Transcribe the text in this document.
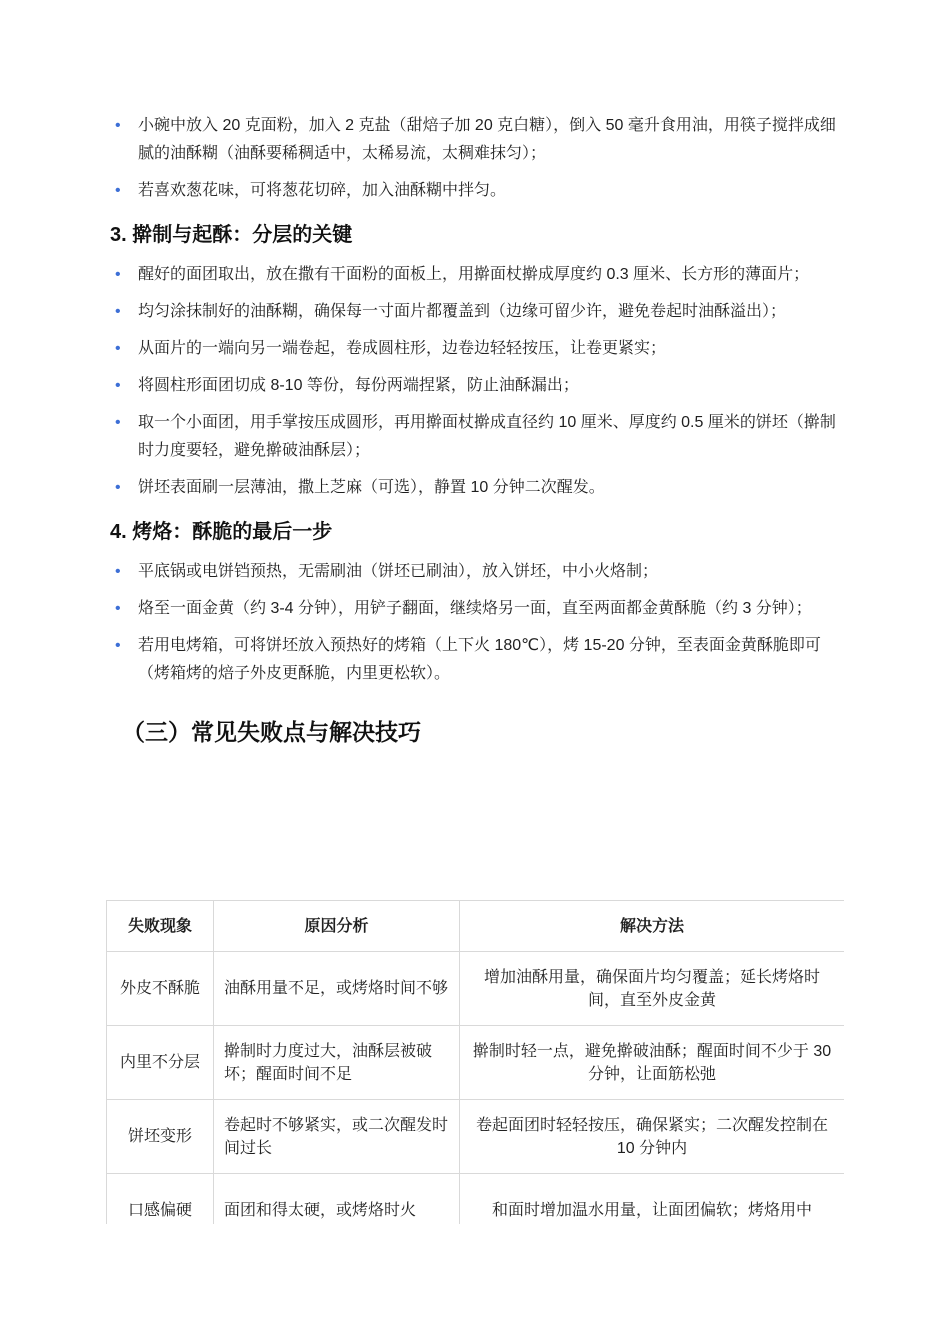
• 小碗中放入 20 克面粉，加入 2 克盐（甜焙子加 20 克白糖），倒入 50 毫升食用油，用筷子搅拌成细腻的油酥糊（油酥要稀稠适中，太稀易流，太稠难抹匀）；
• 若喜欢葱花味，可将葱花切碎，加入油酥糊中拌匀。
3. 擀制与起酥：分层的关键
• 醒好的面团取出，放在撒有干面粉的面板上，用擀面杖擀成厚度约 0.3 厘米、长方形的薄面片；
• 均匀涂抹制好的油酥糊，确保每一寸面片都覆盖到（边缘可留少许，避免卷起时油酥溢出）；
• 从面片的一端向另一端卷起，卷成圆柱形，边卷边轻轻按压，让卷更紧实；
• 将圆柱形面团切成 8-10 等份，每份两端捏紧，防止油酥漏出；
• 取一个小面团，用手掌按压成圆形，再用擀面杖擀成直径约 10 厘米、厚度约 0.5 厘米的饼坯（擀制时力度要轻，避免擀破油酥层）；
• 饼坯表面刷一层薄油，撒上芝麻（可选），静置 10 分钟二次醒发。
4. 烤烙：酥脆的最后一步
• 平底锅或电饼铛预热，无需刷油（饼坯已刷油），放入饼坯，中小火烙制；
• 烙至一面金黄（约 3-4 分钟），用铲子翻面，继续烙另一面，直至两面都金黄酥脆（约 3 分钟）；
• 若用电烤箱，可将饼坯放入预热好的烤箱（上下火 180℃），烤 15-20 分钟，至表面金黄酥脆即可（烤箱烤的焙子外皮更酥脆，内里更松软）。
（三）常见失败点与解决技巧
失败现象	原因分析	解决方法
外皮不酥脆	油酥用量不足，或烤烙时间不够	增加油酥用量，确保面片均匀覆盖；延长烤烙时间，直至外皮金黄
内里不分层	擀制时力度过大，油酥层被破坏；醒面时间不足	擀制时轻一点，避免擀破油酥；醒面时间不少于 30 分钟，让面筋松弛
饼坯变形	卷起时不够紧实，或二次醒发时间过长	卷起面团时轻轻按压，确保紧实；二次醒发控制在 10 分钟内
口感偏硬	面团和得太硬，或烤烙时火	和面时增加温水用量，让面团偏软；烤烙用中
